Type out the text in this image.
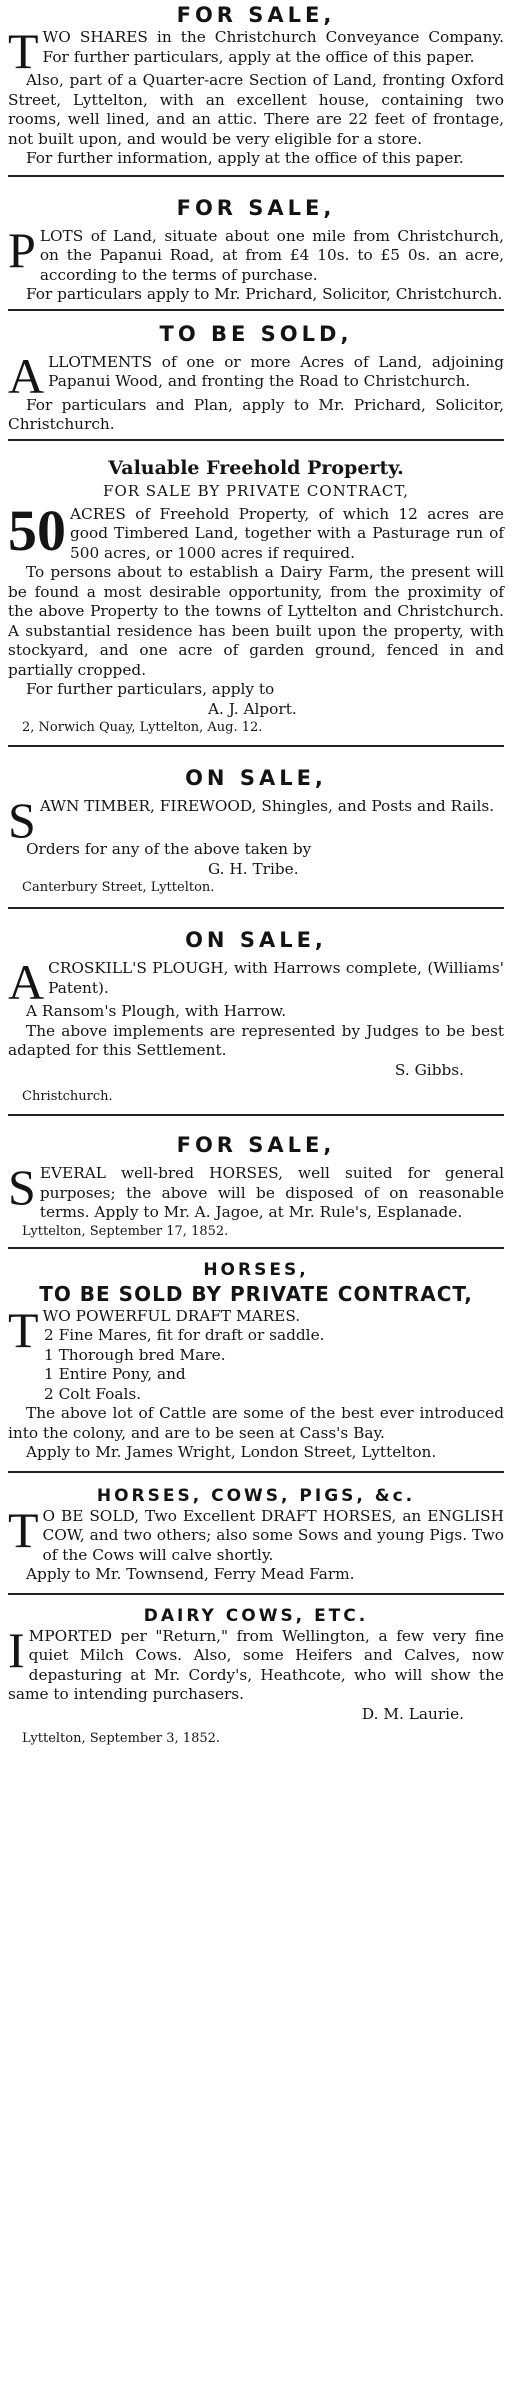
FOR SALE,

TWO SHARES in the Christchurch Conveyance Company. For further particulars, apply at the office of this paper.

Also, part of a Quarter-acre Section of Land, fronting Oxford Street, Lyttelton, with an excellent house, containing two rooms, well lined, and an attic. There are 22 feet of frontage, not built upon, and would be very eligible for a store.

For further information, apply at the office of this paper.

FOR SALE,

PLOTS of Land, situate about one mile from Christchurch, on the Papanui Road, at from £4 10s. to £5 0s. an acre, according to the terms of purchase.

For particulars apply to Mr. Prichard, Solicitor, Christchurch.

TO BE SOLD,

ALLOTMENTS of one or more Acres of Land, adjoining Papanui Wood, and fronting the Road to Christchurch.

For particulars and Plan, apply to Mr. Prichard, Solicitor, Christchurch.

Valuable Freehold Property.
FOR SALE BY PRIVATE CONTRACT,

50 ACRES of Freehold Property, of which 12 acres are good Timbered Land, together with a Pasturage run of 500 acres, or 1000 acres if required.

To persons about to establish a Dairy Farm, the present will be found a most desirable opportunity, from the proximity of the above Property to the towns of Lyttelton and Christchurch. A substantial residence has been built upon the property, with stockyard, and one acre of garden ground, fenced in and partially cropped.

For further particulars, apply to

A. J. Alport.
2, Norwich Quay, Lyttelton, Aug. 12.
ON SALE,

SAWN TIMBER, FIREWOOD, Shingles, and Posts and Rails.

Orders for any of the above taken by

G. H. Tribe.
Canterbury Street, Lyttelton.
ON SALE,

ACROSKILL'S PLOUGH, with Harrows complete, (Williams' Patent).

A Ransom's Plough, with Harrow.

The above implements are represented by Judges to be best adapted for this Settlement.

S. Gibbs.
Christchurch.
FOR SALE,

SEVERAL well-bred HORSES, well suited for general purposes; the above will be disposed of on reasonable terms. Apply to Mr. A. Jagoe, at Mr. Rule's, Esplanade.

Lyttelton, September 17, 1852.
HORSES,
TO BE SOLD BY PRIVATE CONTRACT,

TWO POWERFUL DRAFT MARES.

2 Fine Mares, fit for draft or saddle.
1 Thorough bred Mare.
1 Entire Pony, and
2 Colt Foals.

The above lot of Cattle are some of the best ever introduced into the colony, and are to be seen at Cass's Bay.

Apply to Mr. James Wright, London Street, Lyttelton.

HORSES, COWS, PIGS, &c.

T O BE SOLD, Two Excellent DRAFT HORSES, an ENGLISH COW, and two others; also some Sows and young Pigs. Two of the Cows will calve shortly.

Apply to Mr. Townsend, Ferry Mead Farm.

DAIRY COWS, ETC.

IMPORTED per "Return," from Wellington, a few very fine quiet Milch Cows. Also, some Heifers and Calves, now depasturing at Mr. Cordy's, Heathcote, who will show the same to intending purchasers.

D. M. Laurie.
Lyttelton, September 3, 1852.
